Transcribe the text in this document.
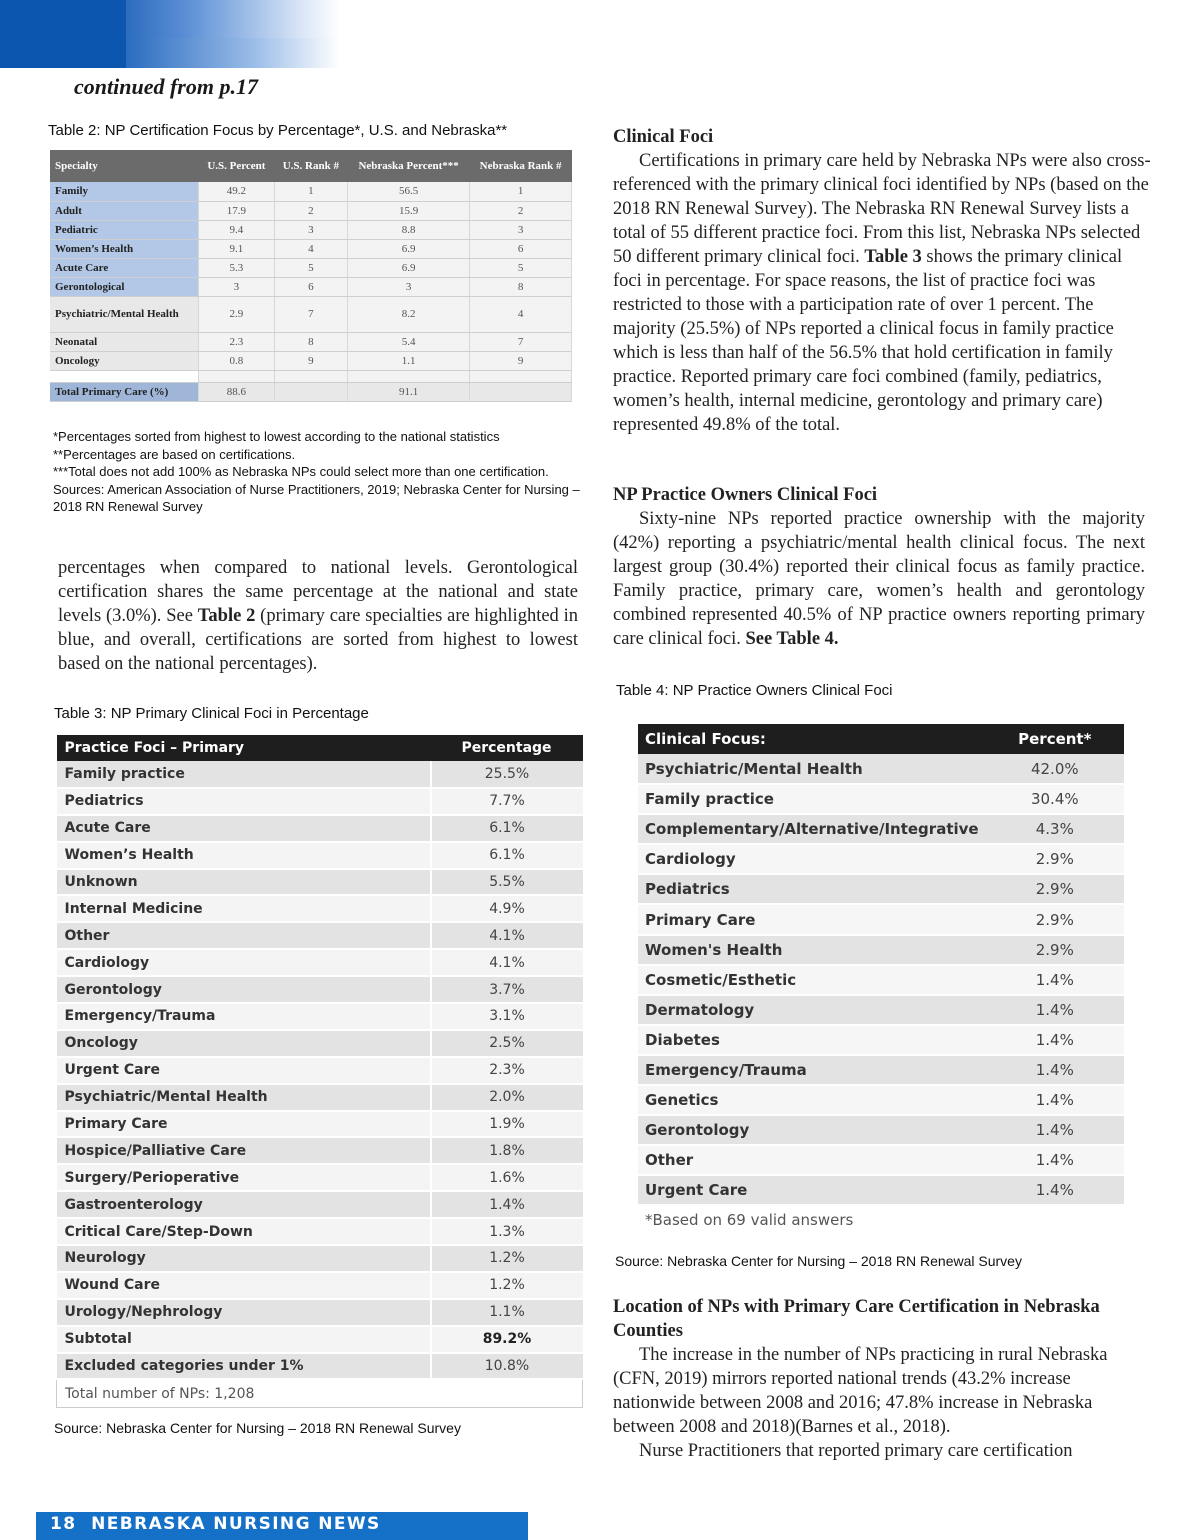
continued from p.17
Table 2: NP Certification Focus by Percentage*, U.S. and Nebraska**
Specialty	U.S. Percent	U.S. Rank #	Nebraska Percent***	Nebraska Rank #
Family	49.2	1	56.5	1
Adult	17.9	2	15.9	2
Pediatric	9.4	3	8.8	3
Women’s Health	9.1	4	6.9	6
Acute Care	5.3	5	6.9	5
Gerontological	3	6	3	8
Psychiatric/Mental Health	2.9	7	8.2	4
Neonatal	2.3	8	5.4	7
Oncology	0.8	9	1.1	9

Total Primary Care (%)	88.6		91.1	
*Percentages sorted from highest to lowest according to the national statistics
**Percentages are based on certifications.
***Total does not add 100% as Nebraska NPs could select more than one certification.
Sources: American Association of Nurse Practitioners, 2019; Nebraska Center for Nursing – 2018 RN Renewal Survey
percentages when compared to national levels. Gerontological certification shares the same percentage at the national and state levels (3.0%). See Table 2 (primary care specialties are highlighted in blue, and overall, certifications are sorted from highest to lowest based on the national percentages).
Table 3: NP Primary Clinical Foci in Percentage
Practice Foci – Primary	Percentage
Family practice	25.5%
Pediatrics	7.7%
Acute Care	6.1%
Women’s Health	6.1%
Unknown	5.5%
Internal Medicine	4.9%
Other	4.1%
Cardiology	4.1%
Gerontology	3.7%
Emergency/Trauma	3.1%
Oncology	2.5%
Urgent Care	2.3%
Psychiatric/Mental Health	2.0%
Primary Care	1.9%
Hospice/Palliative Care	1.8%
Surgery/Perioperative	1.6%
Gastroenterology	1.4%
Critical Care/Step-Down	1.3%
Neurology	1.2%
Wound Care	1.2%
Urology/Nephrology	1.1%
Subtotal	89.2%
Excluded categories under 1%	10.8%
Total number of NPs: 1,208	
Source: Nebraska Center for Nursing – 2018 RN Renewal Survey
Clinical Foci
Certifications in primary care held by Nebraska NPs were also cross-referenced with the primary clinical foci identified by NPs (based on the 2018 RN Renewal Survey). The Nebraska RN Renewal Survey lists a total of 55 different practice foci. From this list, Nebraska NPs selected 50 different primary clinical foci. Table 3 shows the primary clinical foci in percentage. For space reasons, the list of practice foci was restricted to those with a participation rate of over 1 percent. The majority (25.5%) of NPs reported a clinical focus in family practice which is less than half of the 56.5% that hold certification in family practice. Reported primary care foci combined (family, pediatrics, women’s health, internal medicine, gerontology and primary care) represented 49.8% of the total.
NP Practice Owners Clinical Foci
Sixty-nine NPs reported practice ownership with the majority (42%) reporting a psychiatric/mental health clinical focus. The next largest group (30.4%) reported their clinical focus as family practice. Family practice, primary care, women’s health and gerontology combined represented 40.5% of NP practice owners reporting primary care clinical foci. See Table 4.
Table 4: NP Practice Owners Clinical Foci
Clinical Focus:	Percent*
Psychiatric/Mental Health	42.0%
Family practice	30.4%
Complementary/Alternative/Integrative	4.3%
Cardiology	2.9%
Pediatrics	2.9%
Primary Care	2.9%
Women's Health	2.9%
Cosmetic/Esthetic	1.4%
Dermatology	1.4%
Diabetes	1.4%
Emergency/Trauma	1.4%
Genetics	1.4%
Gerontology	1.4%
Other	1.4%
Urgent Care	1.4%
*Based on 69 valid answers	
Source: Nebraska Center for Nursing – 2018 RN Renewal Survey
Location of NPs with Primary Care Certification in Nebraska Counties
The increase in the number of NPs practicing in rural Nebraska (CFN, 2019) mirrors reported national trends (43.2% increase nationwide between 2008 and 2016; 47.8% increase in Nebraska between 2008 and 2018)(Barnes et al., 2018).
Nurse Practitioners that reported primary care certification
18 NEBRASKA NURSING NEWS
